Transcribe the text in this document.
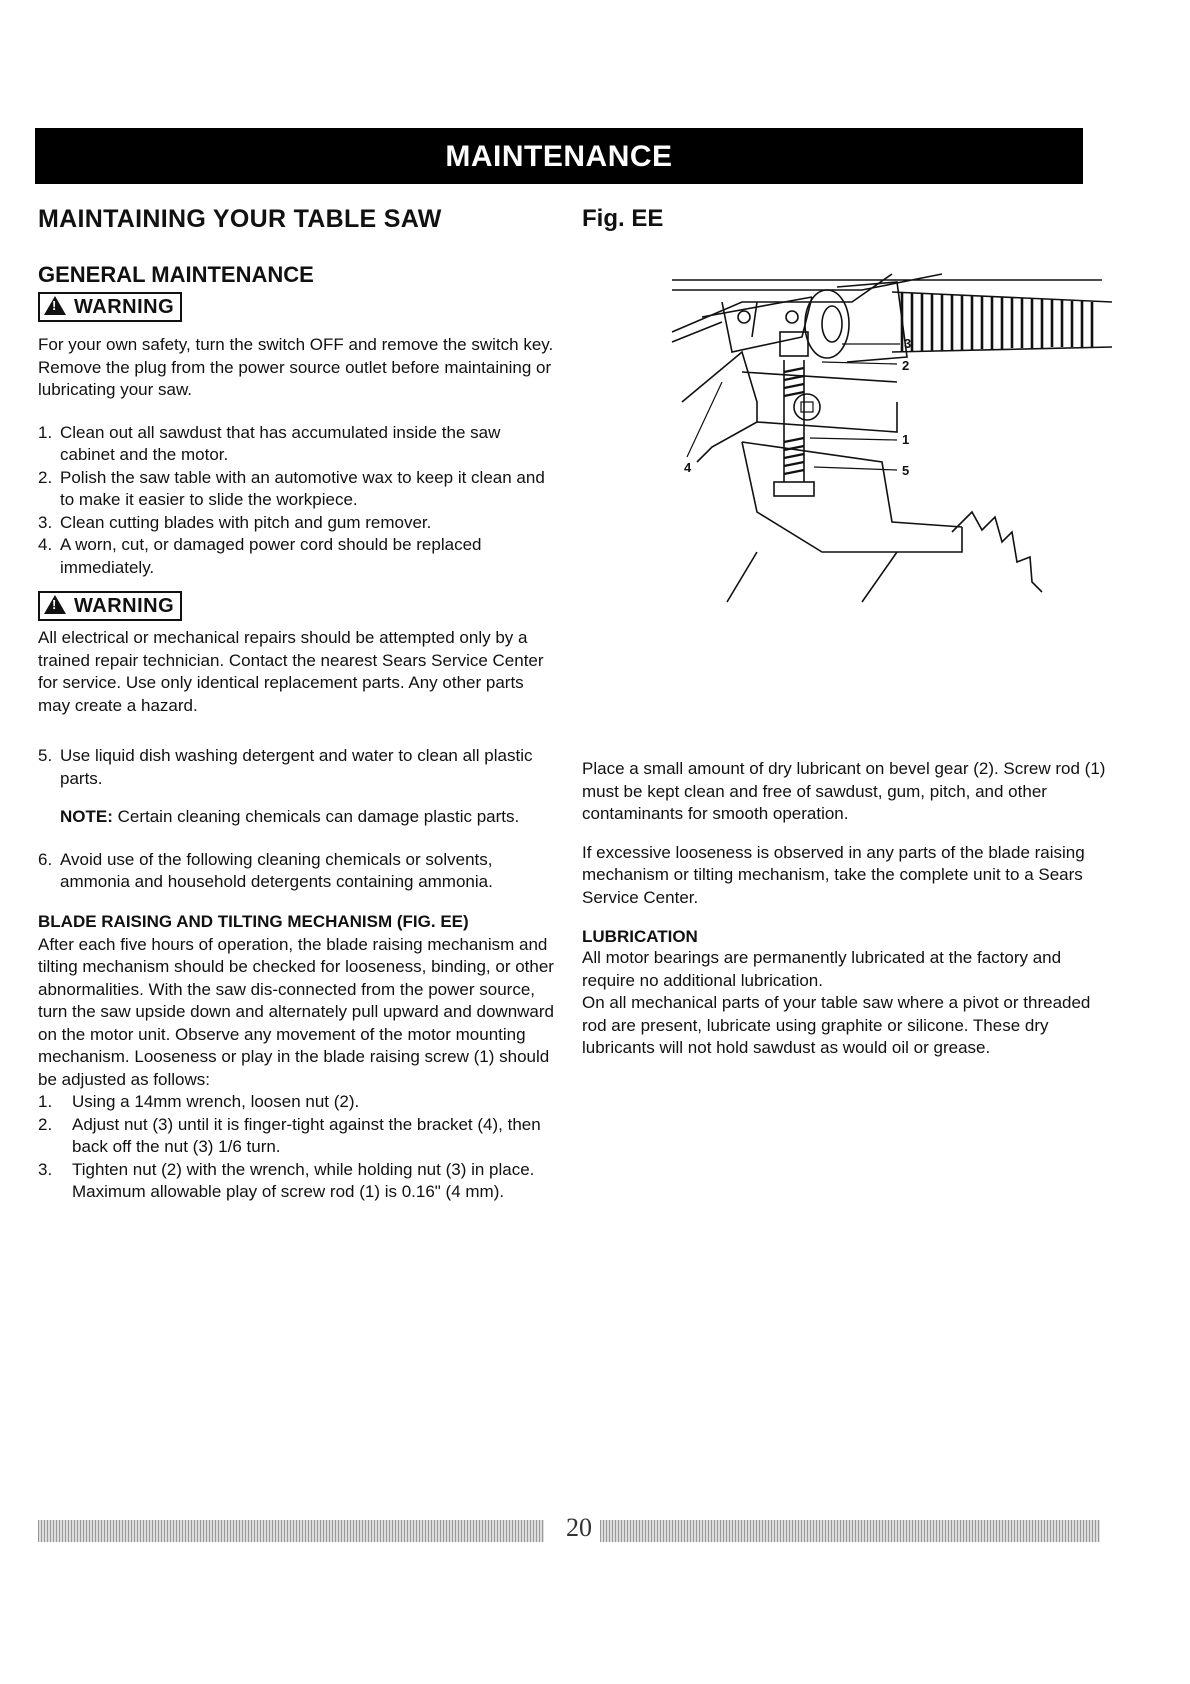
MAINTENANCE
MAINTAINING YOUR TABLE SAW
GENERAL MAINTENANCE
!WARNING

For your own safety, turn the switch OFF and remove the switch key. Remove the plug from the power source outlet before maintaining or lubricating your saw.

1. Clean out all sawdust that has accumulated inside the saw cabinet and the motor.
2. Polish the saw table with an automotive wax to keep it clean and to make it easier to slide the workpiece.
3. Clean cutting blades with pitch and gum remover.
4. A worn, cut, or damaged power cord should be replaced immediately.
!WARNING

All electrical or mechanical repairs should be attempted only by a trained repair technician. Contact the nearest Sears Service Center for service. Use only identical replacement parts. Any other parts may create a hazard.

5. Use liquid dish washing detergent and water to clean all plastic parts.

NOTE: Certain cleaning chemicals can damage plastic parts.

6. Avoid use of the following cleaning chemicals or solvents, ammonia and household detergents containing ammonia.
BLADE RAISING AND TILTING MECHANISM (FIG. EE)

After each five hours of operation, the blade raising mechanism and tilting mechanism should be checked for looseness, binding, or other abnormalities. With the saw dis-connected from the power source, turn the saw upside down and alternately pull upward and downward on the motor unit. Observe any movement of the motor mounting mechanism. Looseness or play in the blade raising screw (1) should be adjusted as follows:

1. Using a 14mm wrench, loosen nut (2).
2. Adjust nut (3) until it is finger-tight against the bracket (4), then back off the nut (3) 1/6 turn.
3. Tighten nut (2) with the wrench, while holding nut (3) in place. Maximum allowable play of screw rod (1) is 0.16" (4 mm).
Fig. EE
3
2
1
5
4

Place a small amount of dry lubricant on bevel gear (2). Screw rod (1) must be kept clean and free of sawdust, gum, pitch, and other contaminants for smooth operation.

If excessive looseness is observed in any parts of the blade raising mechanism or tilting mechanism, take the complete unit to a Sears Service Center.

LUBRICATION

All motor bearings are permanently lubricated at the factory and require no additional lubrication.

On all mechanical parts of your table saw where a pivot or threaded rod are present, lubricate using graphite or silicone. These dry lubricants will not hold sawdust as would oil or grease.

20
